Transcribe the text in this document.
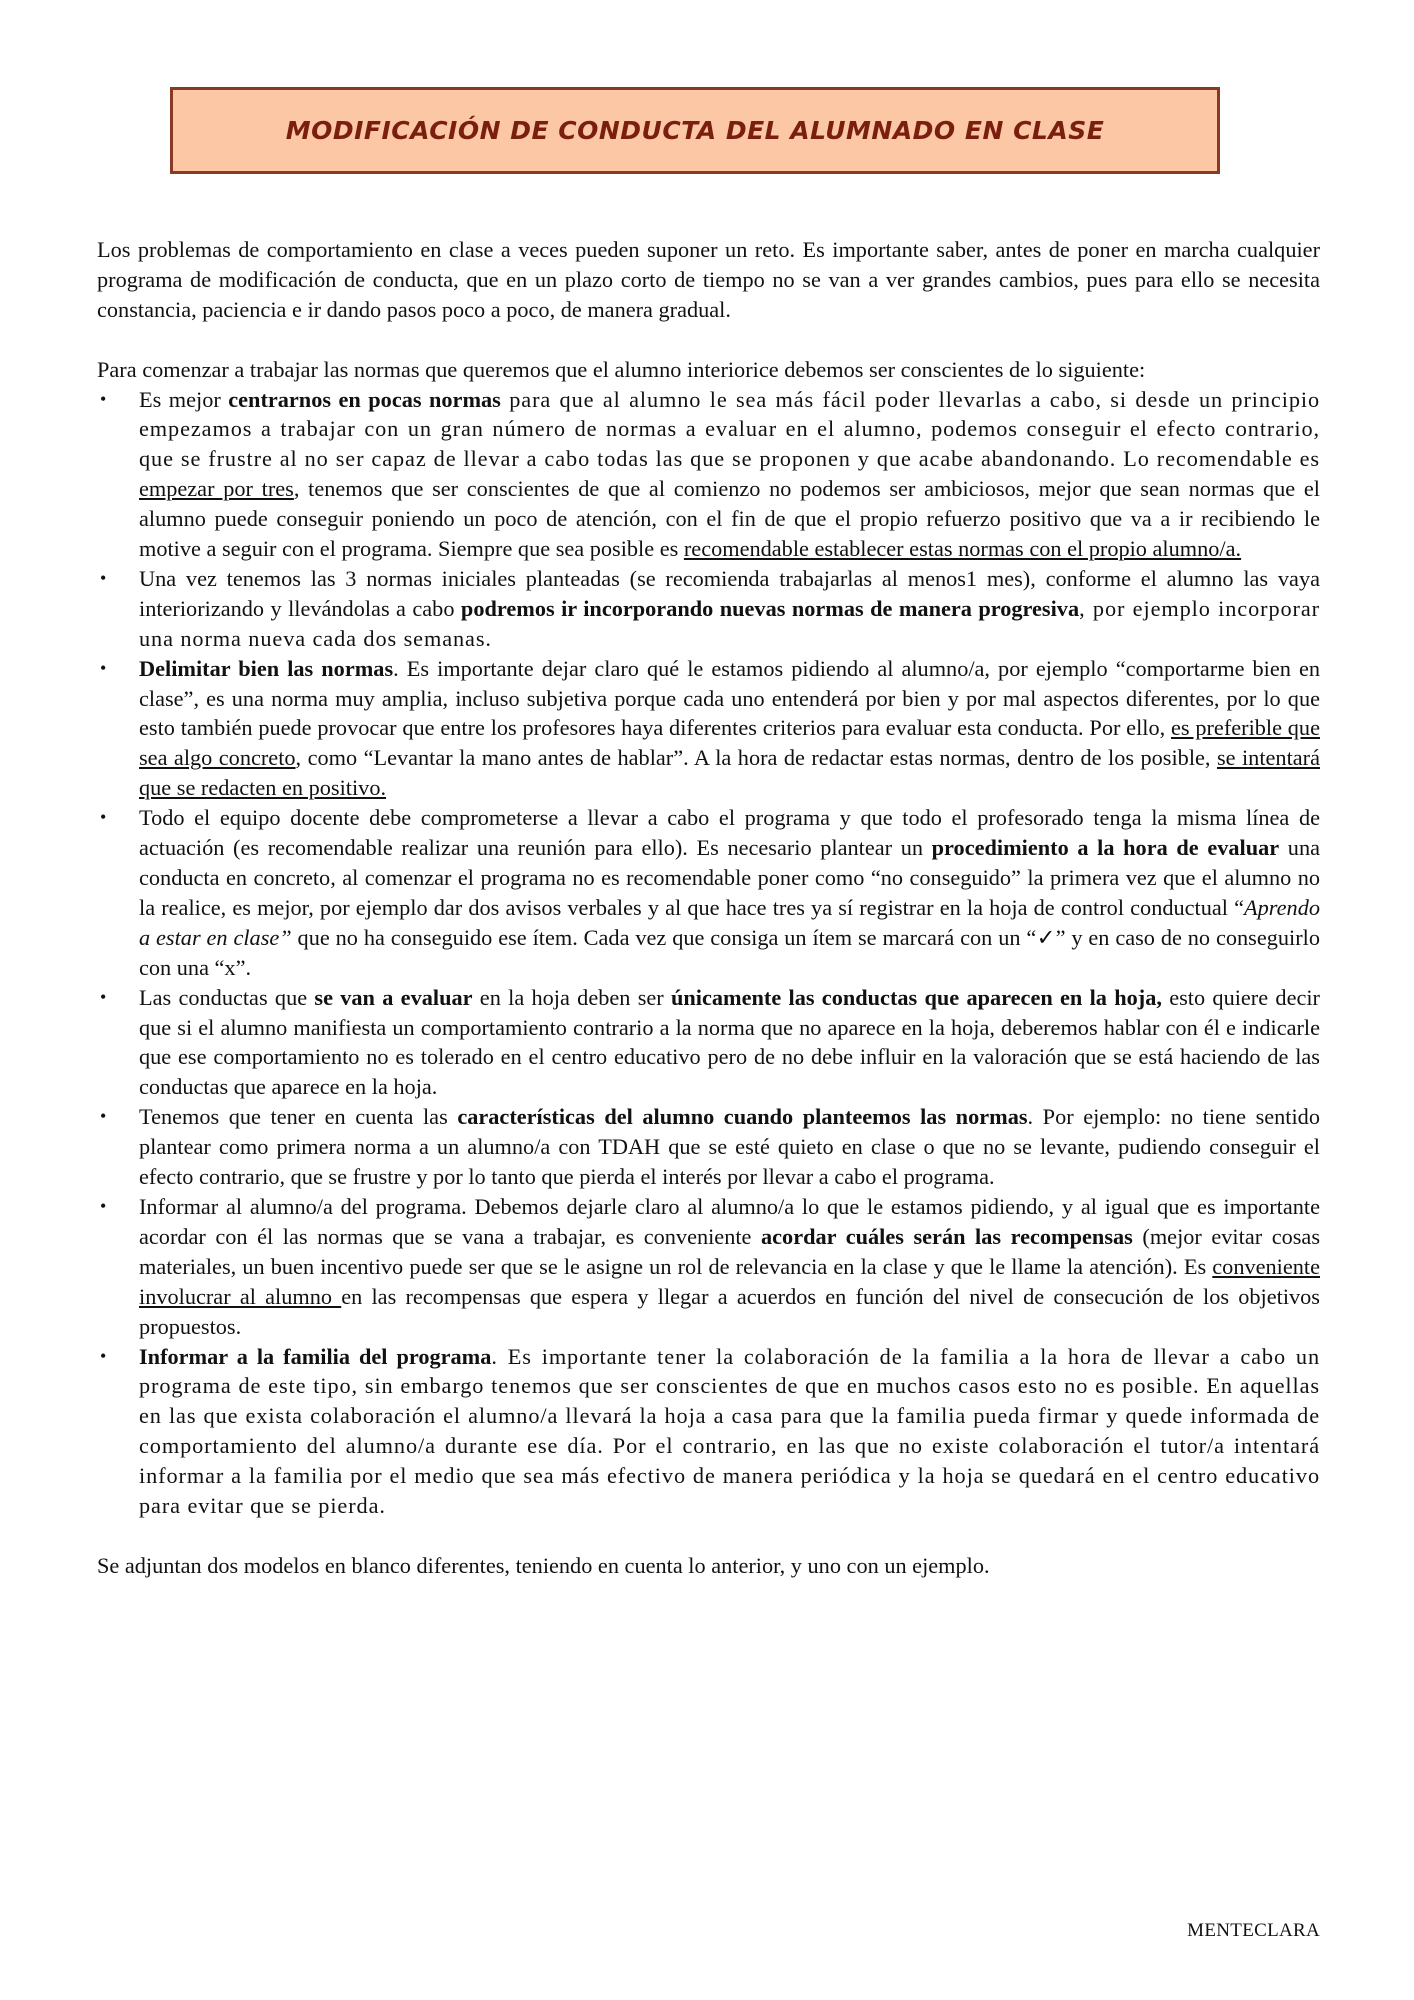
MODIFICACIÓN DE CONDUCTA DEL ALUMNADO EN CLASE

Los problemas de comportamiento en clase a veces pueden suponer un reto. Es importante saber, antes de poner en marcha cualquier programa de modificación de conducta, que en un plazo corto de tiempo no se van a ver grandes cambios, pues para ello se necesita constancia, paciencia e ir dando pasos poco a poco, de manera gradual.

Para comenzar a trabajar las normas que queremos que el alumno interiorice debemos ser conscientes de lo siguiente:

• Es mejor centrarnos en pocas normas para que al alumno le sea más fácil poder llevarlas a cabo, si desde un principio empezamos a trabajar con un gran número de normas a evaluar en el alumno, podemos conseguir el efecto contrario, que se frustre al no ser capaz de llevar a cabo todas las que se proponen y que acabe abandonando. Lo recomendable es empezar por tres, tenemos que ser conscientes de que al comienzo no podemos ser ambiciosos, mejor que sean normas que el alumno puede conseguir poniendo un poco de atención, con el fin de que el propio refuerzo positivo que va a ir recibiendo le motive a seguir con el programa. Siempre que sea posible es recomendable establecer estas normas con el propio alumno/a.
• Una vez tenemos las 3 normas iniciales planteadas (se recomienda trabajarlas al menos1 mes), conforme el alumno las vaya interiorizando y llevándolas a cabo podremos ir incorporando nuevas normas de manera progresiva, por ejemplo incorporar una norma nueva cada dos semanas.
• Delimitar bien las normas. Es importante dejar claro qué le estamos pidiendo al alumno/a, por ejemplo “comportarme bien en clase”, es una norma muy amplia, incluso subjetiva porque cada uno entenderá por bien y por mal aspectos diferentes, por lo que esto también puede provocar que entre los profesores haya diferentes criterios para evaluar esta conducta. Por ello, es preferible que sea algo concreto, como “Levantar la mano antes de hablar”. A la hora de redactar estas normas, dentro de los posible, se intentará que se redacten en positivo.
• Todo el equipo docente debe comprometerse a llevar a cabo el programa y que todo el profesorado tenga la misma línea de actuación (es recomendable realizar una reunión para ello). Es necesario plantear un procedimiento a la hora de evaluar una conducta en concreto, al comenzar el programa no es recomendable poner como “no conseguido” la primera vez que el alumno no la realice, es mejor, por ejemplo dar dos avisos verbales y al que hace tres ya sí registrar en la hoja de control conductual “Aprendo a estar en clase” que no ha conseguido ese ítem. Cada vez que consiga un ítem se marcará con un “✓” y en caso de no conseguirlo con una “x”.
• Las conductas que se van a evaluar en la hoja deben ser únicamente las conductas que aparecen en la hoja, esto quiere decir que si el alumno manifiesta un comportamiento contrario a la norma que no aparece en la hoja, deberemos hablar con él e indicarle que ese comportamiento no es tolerado en el centro educativo pero de no debe influir en la valoración que se está haciendo de las conductas que aparece en la hoja.
• Tenemos que tener en cuenta las características del alumno cuando planteemos las normas. Por ejemplo: no tiene sentido plantear como primera norma a un alumno/a con TDAH que se esté quieto en clase o que no se levante, pudiendo conseguir el efecto contrario, que se frustre y por lo tanto que pierda el interés por llevar a cabo el programa.
• Informar al alumno/a del programa. Debemos dejarle claro al alumno/a lo que le estamos pidiendo, y al igual que es importante acordar con él las normas que se vana a trabajar, es conveniente acordar cuáles serán las recompensas (mejor evitar cosas materiales, un buen incentivo puede ser que se le asigne un rol de relevancia en la clase y que le llame la atención). Es conveniente involucrar al alumno en las recompensas que espera y llegar a acuerdos en función del nivel de consecución de los objetivos propuestos.
• Informar a la familia del programa. Es importante tener la colaboración de la familia a la hora de llevar a cabo un programa de este tipo, sin embargo tenemos que ser conscientes de que en muchos casos esto no es posible. En aquellas en las que exista colaboración el alumno/a llevará la hoja a casa para que la familia pueda firmar y quede informada de comportamiento del alumno/a durante ese día. Por el contrario, en las que no existe colaboración el tutor/a intentará informar a la familia por el medio que sea más efectivo de manera periódica y la hoja se quedará en el centro educativo para evitar que se pierda.

Se adjuntan dos modelos en blanco diferentes, teniendo en cuenta lo anterior, y uno con un ejemplo.

MENTECLARA
